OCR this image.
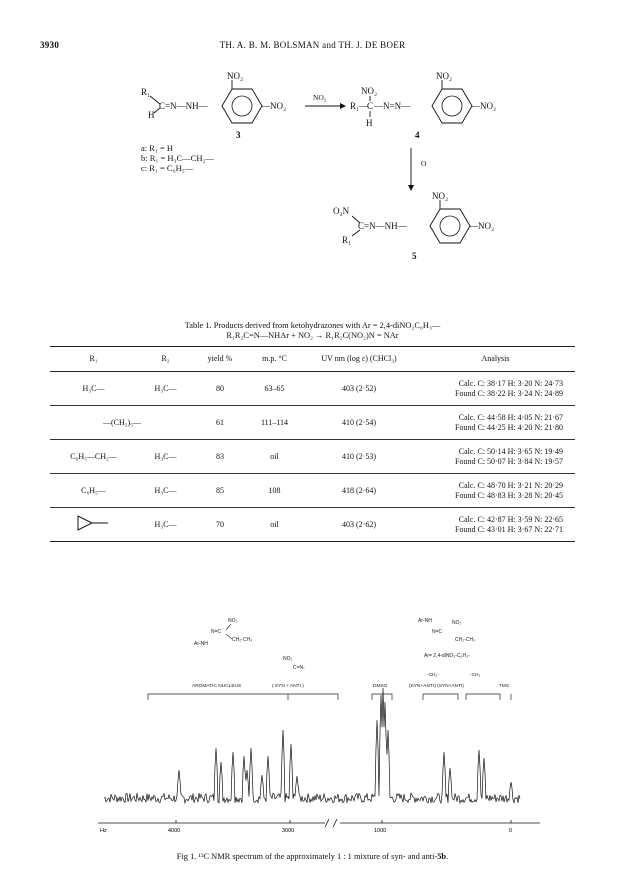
3930	TH. A. B. M. BOLSMAN and TH. J. DE BOER
R₁
H
C=N—NH—
NO₂
—NO₂
3
a: R₁ = H
b: R₁ = H₃C—CH₂—
c: R₁ = C₆H₅—
NO₂
R₁—
C —N=N—
NO₂
H
NO₂
—NO₂
4
O
O₂N
R₁
C=N—NH—
NO₂
—NO₂
5
Table 1. Products derived from ketohydrazones with Ar = 2,4-diNO₂C₆H₃—
R₁R₂C=N—NHAr + NO₂ → R₁R₂C(NO₂)N = NAr
R₁	R₂	yield %	m.p. °C	UV nm (log ε) (CHCl₃)	Analysis
H₃C—	H₃C—	80	63–65	403 (2·52)	Calc. C: 38·17 H: 3·20 N: 24·73
Found C: 38·22 H: 3·24 N: 24·89

—(CH₂)₅—		61	111–114	410 (2·54)	Calc. C: 44·58 H: 4·05 N: 21·67
Found C: 44·25 H: 4·20 N: 21·80

C₆H₅—CH₂—	H₃C—	83	oil	410 (2·53)	Calc. C: 50·14 H: 3·65 N: 19·49
Found C: 50·07 H: 3·84 N: 19·57

C₆H₅—	H₃C—	85	108	418 (2·64)	Calc. C: 48·70 H: 3·21 N: 20·29
Found C: 48·83 H: 3·28 N: 20·45

	H₃C—	70	oil	403 (2·62)	Calc. C: 42·87 H: 3·59 N: 22·65
Found C: 43·01 H: 3·67 N: 22·71
NO₂
N=C
CH₂-CH₃
Ar-NH
Ar-NH	NO₂
N=C
CH₂-CH₃
Ar= 2,4-diNO₂-C₆H₃-
NO₂
C=N-
AROMATIC NUCLEUS	( SYN + ANTI )	DMSO
-CH₂-	-CH₃
(SYN+ANTI) (SYN+ANTI)	TMS
Hz	4000	3000	1000	0
Fig 1. ¹³C NMR spectrum of the approximately 1 : 1 mixture of syn- and anti-5b.
